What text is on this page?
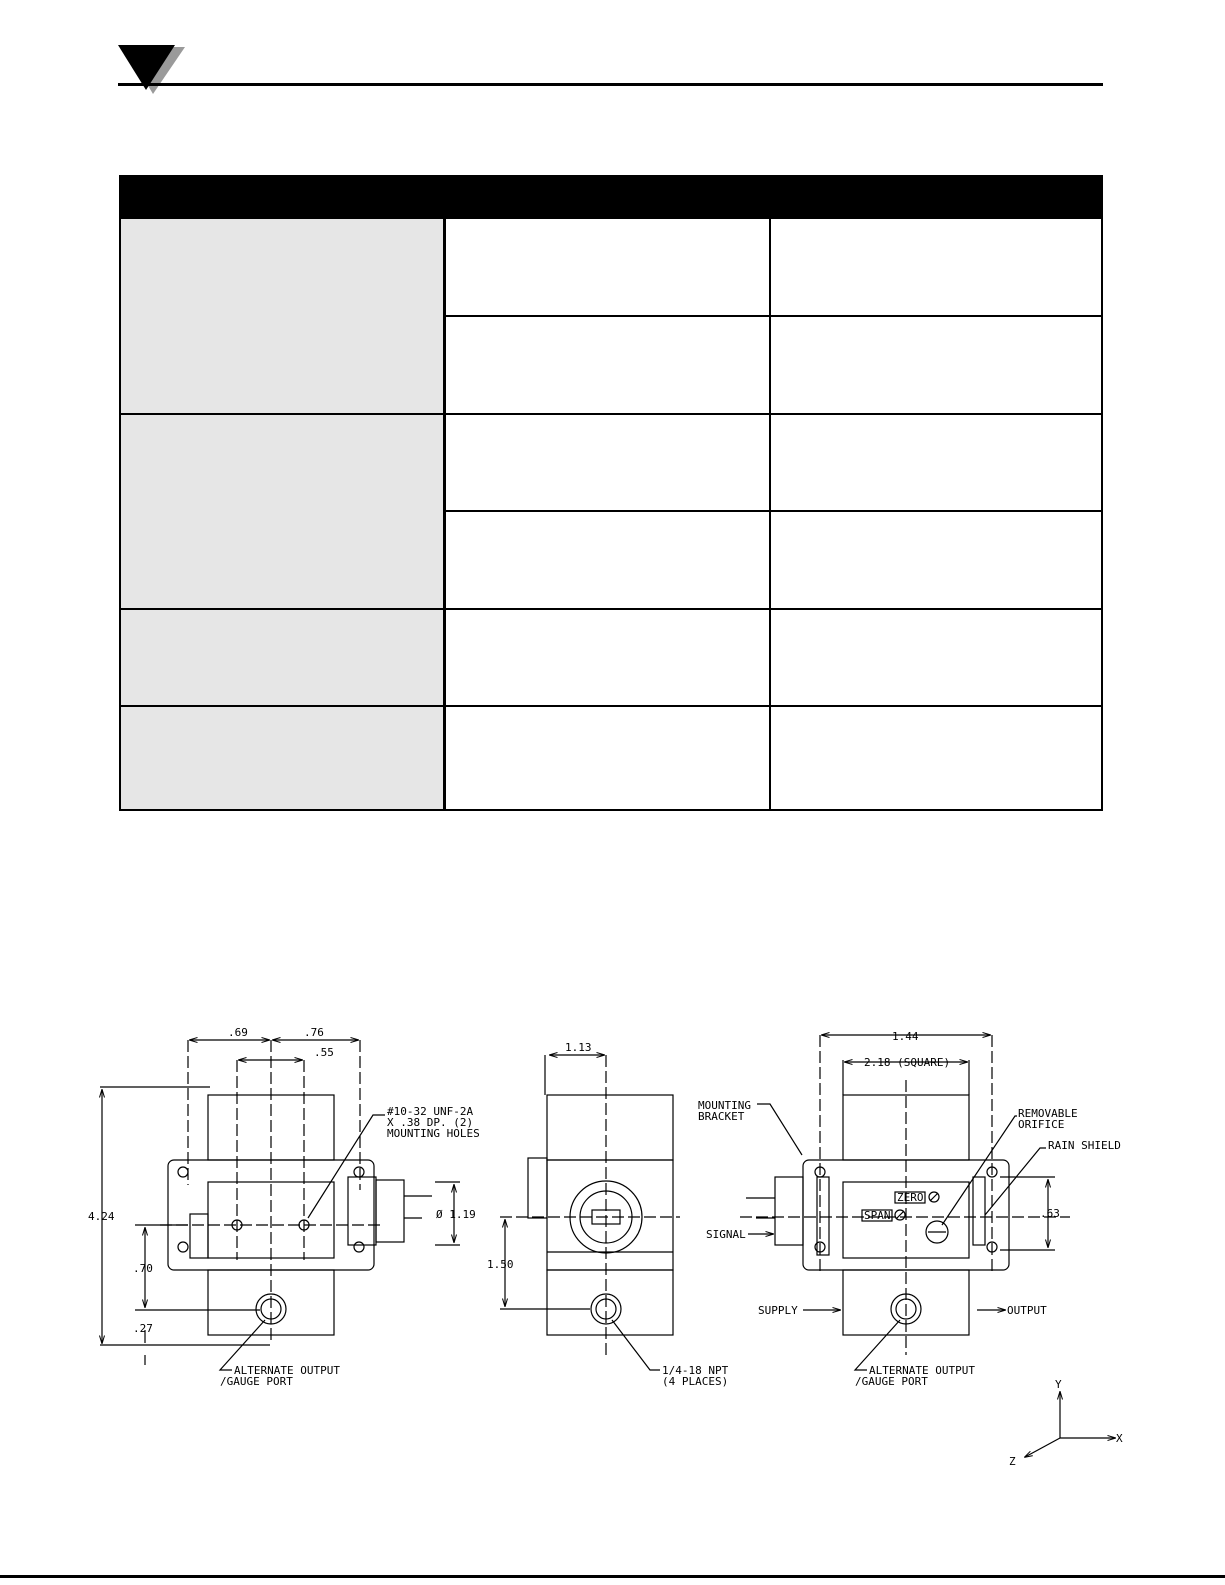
.69	.76
.55
4.24
.70
.27
Ø 1.19
#10-32 UNF-2A
X .38 DP. (2)
MOUNTING HOLES
ALTERNATE OUTPUT
/GAUGE PORT
1.13
1.50
1/4-18 NPT
(4 PLACES)
1.44
2.18 (SQUARE)
.63
MOUNTING
BRACKET	REMOVABLE
ORIFICE
RAIN SHIELD
ZERO
SPAN
SIGNAL
SUPPLY	OUTPUT
ALTERNATE OUTPUT
/GAUGE PORT	Y
X
Z
